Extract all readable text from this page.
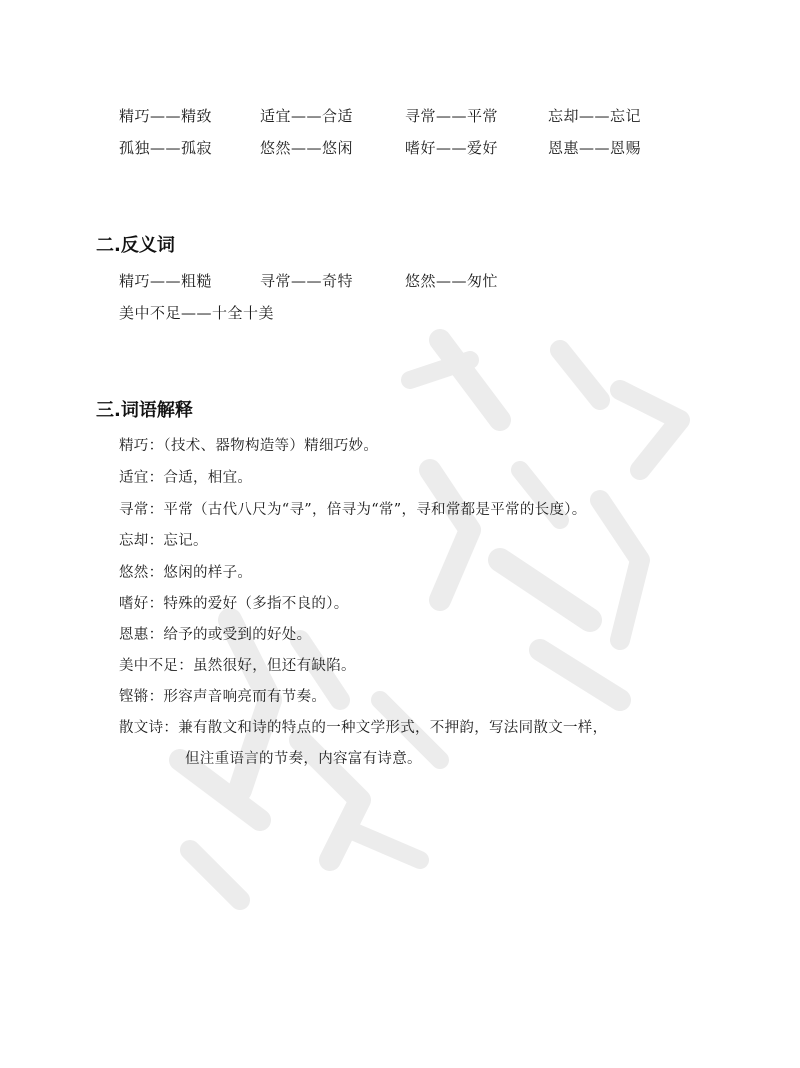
精巧——精致	适宜——合适	寻常——平常	忘却——忘记
孤独——孤寂	悠然——悠闲	嗜好——爱好	恩惠——恩赐
二.反义词
精巧——粗糙	寻常——奇特	悠然——匆忙
美中不足——十全十美
三.词语解释
精巧：（技术、器物构造等）精细巧妙。
适宜：合适，相宜。
寻常：平常（古代八尺为“寻”，倍寻为“常”，寻和常都是平常的长度）。
忘却：忘记。
悠然：悠闲的样子。
嗜好：特殊的爱好（多指不良的）。
恩惠：给予的或受到的好处。
美中不足：虽然很好，但还有缺陷。
铿锵：形容声音响亮而有节奏。
散文诗：兼有散文和诗的特点的一种文学形式，不押韵，写法同散文一样，
但注重语言的节奏，内容富有诗意。
